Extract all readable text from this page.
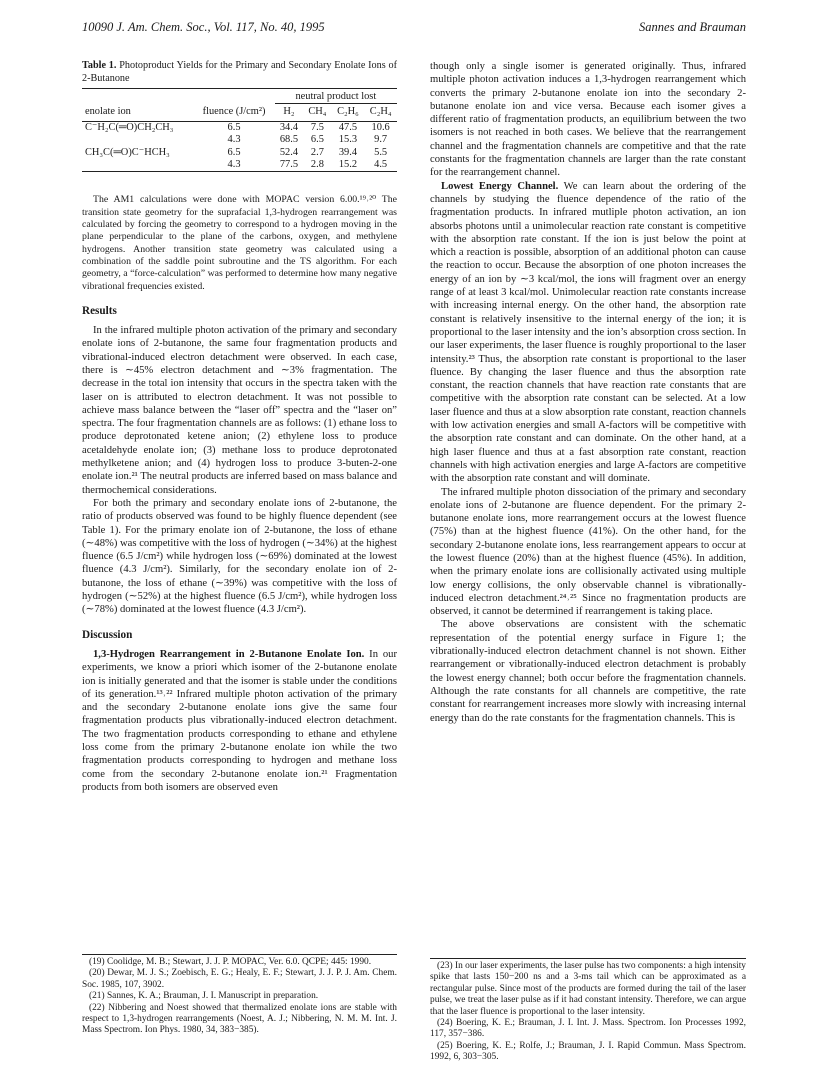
10090 J. Am. Chem. Soc., Vol. 117, No. 40, 1995	Sannes and Brauman

Table 1. Photoproduct Yields for the Primary and Secondary Enolate Ions of 2-Butanone

		neutral product lost			
enolate ion	fluence (J/cm²)	H₂	CH₄	C₂H₆	C₂H₄
C⁻H₂C(═O)CH₂CH₃	6.5	34.4	7.5	47.5	10.6
	4.3	68.5	6.5	15.3	9.7
CH₃C(═O)C⁻HCH₃	6.5	52.4	2.7	39.4	5.5
	4.3	77.5	2.8	15.2	4.5

The AM1 calculations were done with MOPAC version 6.00.¹⁹˒²⁰ The transition state geometry for the suprafacial 1,3-hydrogen rearrangement was calculated by forcing the geometry to correspond to a hydrogen moving in the plane perpendicular to the plane of the carbons, oxygen, and methylene hydrogens. Another transition state geometry was calculated using a combination of the saddle point subroutine and the TS algorithm. For each geometry, a “force-calculation” was performed to determine how many negative vibrational frequencies existed.

Results

In the infrared multiple photon activation of the primary and secondary enolate ions of 2-butanone, the same four fragmentation products and vibrational-induced electron detachment were observed. In each case, there is ∼45% electron detachment and ∼3% fragmentation. The decrease in the total ion intensity that occurs in the spectra taken with the laser on is attributed to electron detachment. It was not possible to achieve mass balance between the “laser off” spectra and the “laser on” spectra. The four fragmentation channels are as follows: (1) ethane loss to produce deprotonated ketene anion; (2) ethylene loss to produce acetaldehyde enolate ion; (3) methane loss to produce deprotonated methylketene anion; and (4) hydrogen loss to produce 3-buten-2-one enolate ion.²¹ The neutral products are inferred based on mass balance and thermochemical considerations.

For both the primary and secondary enolate ions of 2-butanone, the ratio of products observed was found to be highly fluence dependent (see Table 1). For the primary enolate ion of 2-butanone, the loss of ethane (∼48%) was competitive with the loss of hydrogen (∼34%) at the highest fluence (6.5 J/cm²) while hydrogen loss (∼69%) dominated at the lowest fluence (4.3 J/cm²). Similarly, for the secondary enolate ion of 2-butanone, the loss of ethane (∼39%) was competitive with the loss of hydrogen (∼52%) at the highest fluence (6.5 J/cm²), while hydrogen loss (∼78%) dominated at the lowest fluence (4.3 J/cm²).

Discussion

1,3-Hydrogen Rearrangement in 2-Butanone Enolate Ion. In our experiments, we know a priori which isomer of the 2-butanone enolate ion is initially generated and that the isomer is stable under the conditions of its generation.¹³˒²² Infrared multiple photon activation of the primary and the secondary 2-butanone enolate ions give the same four fragmentation products plus vibrationally-induced electron detachment. The two fragmentation products corresponding to ethane and ethylene loss come from the primary 2-butanone enolate ion while the two fragmentation products corresponding to hydrogen and methane loss come from the secondary 2-butanone enolate ion.²¹ Fragmentation products from both isomers are observed even

though only a single isomer is generated originally. Thus, infrared multiple photon activation induces a 1,3-hydrogen rearrangement which converts the primary 2-butanone enolate ion into the secondary 2-butanone enolate ion and vice versa. Because each isomer gives a different ratio of fragmentation products, an equilibrium between the two isomers is not reached in both cases. We believe that the rearrangement channel and the fragmentation channels are competitive and that the rate constants for the fragmentation channels are larger than the rate constant for the rearrangement channel.

Lowest Energy Channel. We can learn about the ordering of the channels by studying the fluence dependence of the ratio of the fragmentation products. In infrared mutliple photon activation, an ion absorbs photons until a unimolecular reaction rate constant is competitive with the absorption rate constant. If the ion is just below the point at which a reaction is possible, absorption of an additional photon can cause the reaction to occur. Because the absorption of one photon increases the energy of an ion by ∼3 kcal/mol, the ions will fragment over an energy range of at least 3 kcal/mol. Unimolecular reaction rate constants increase with increasing internal energy. On the other hand, the absorption rate constant is relatively insensitive to the internal energy of the ion; it is proportional to the laser intensity and the ion’s absorption cross section. In our laser experiments, the laser fluence is roughly proportional to the laser intensity.²³ Thus, the absorption rate constant is proportional to the laser fluence. By changing the laser fluence and thus the absorption rate constant, the reaction channels that have reaction rate constants that are competitive with the absorption rate constant can be selected. At a low laser fluence and thus at a slow absorption rate constant, reaction channels with low activation energies and small A-factors will be competitive with the absorption rate constant and can dominate. On the other hand, at a high laser fluence and thus at a fast absorption rate constant, reaction channels with high activation energies and large A-factors are competitive with the absorption rate constant and will dominate.

The infrared multiple photon dissociation of the primary and secondary enolate ions of 2-butanone are fluence dependent. For the primary 2-butanone enolate ions, more rearrangement occurs at the lowest fluence (75%) than at the highest fluence (41%). On the other hand, for the secondary 2-butanone enolate ions, less rearrangement appears to occur at the lowest fluence (20%) than at the highest fluence (45%). In addition, when the primary enolate ions are collisionally activated using multiple low energy collisions, the only observable channel is vibrationally-induced electron detachment.²⁴˒²⁵ Since no fragmentation products are observed, it cannot be determined if rearrangement is taking place.

The above observations are consistent with the schematic representation of the potential energy surface in Figure 1; the vibrationally-induced electron detachment channel is not shown. Either rearrangement or vibrationally-induced electron detachment is probably the lowest energy channel; both occur before the fragmentation channels. Although the rate constants for all channels are competitive, the rate constant for rearrangement increases more slowly with increasing internal energy than do the rate constants for the fragmentation channels. This is

(19) Coolidge, M. B.; Stewart, J. J. P. MOPAC, Ver. 6.0. QCPE; 445: 1990.

(20) Dewar, M. J. S.; Zoebisch, E. G.; Healy, E. F.; Stewart, J. J. P. J. Am. Chem. Soc. 1985, 107, 3902.

(21) Sannes, K. A.; Brauman, J. I. Manuscript in preparation.

(22) Nibbering and Noest showed that thermalized enolate ions are stable with respect to 1,3-hydrogen rearrangements (Noest, A. J.; Nibbering, N. M. M. Int. J. Mass Spectrom. Ion Phys. 1980, 34, 383−385).

(23) In our laser experiments, the laser pulse has two components: a high intensity spike that lasts 150−200 ns and a 3-ms tail which can be approximated as a rectangular pulse. Since most of the products are formed during the tail of the laser pulse, we treat the laser pulse as if it had constant intensity. Therefore, we can argue that the laser fluence is proportional to the laser intensity.

(24) Boering, K. E.; Brauman, J. I. Int. J. Mass. Spectrom. Ion Processes 1992, 117, 357−386.

(25) Boering, K. E.; Rolfe, J.; Brauman, J. I. Rapid Commun. Mass Spectrom. 1992, 6, 303−305.
